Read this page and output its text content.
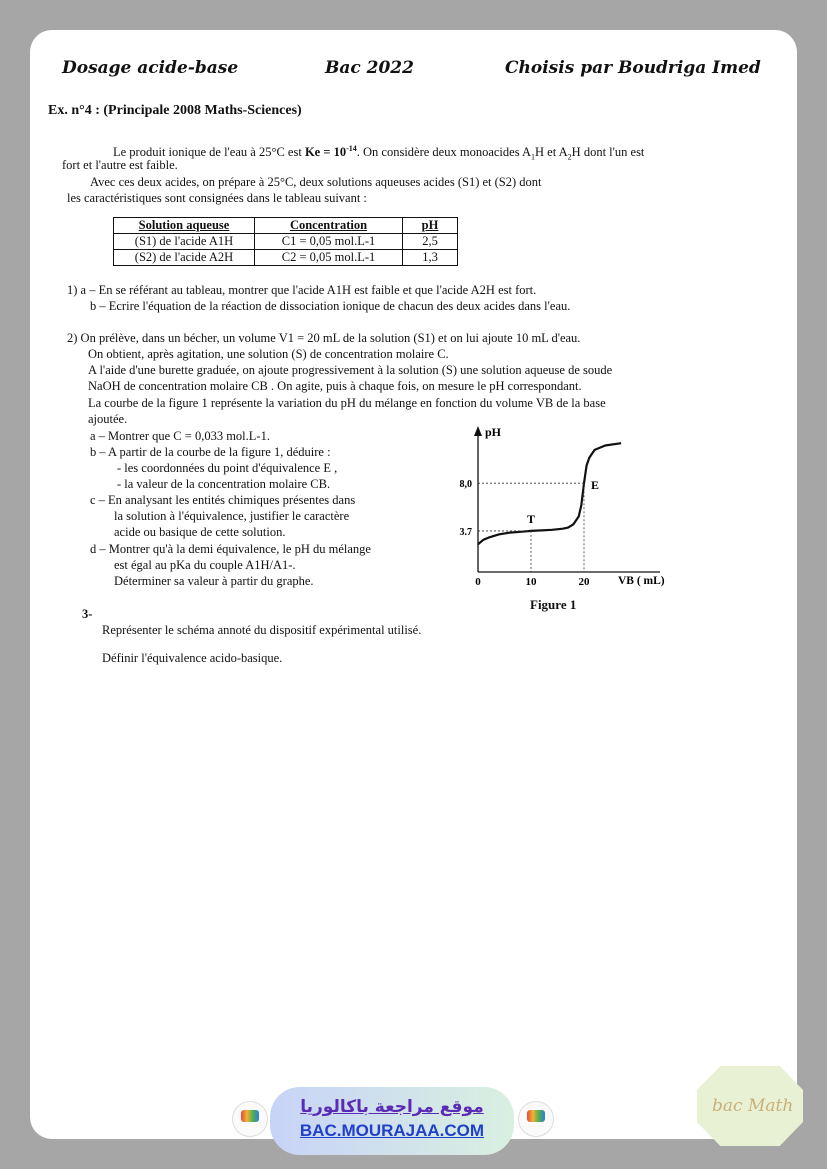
Dosage acide-base	Bac 2022	Choisis par Boudriga Imed
Ex. n°4 : (Principale 2008 Maths-Sciences)
Le produit ionique de l'eau à 25°C est $Ke = 10^{-14}$. On considère deux monoacides $A_1H$ et $A_2H$ dont l'un est
fort et l'autre est faible.
Avec ces deux acides, on prépare à 25°C, deux solutions aqueuses acides (S1) et (S2) dont
les caractéristiques sont consignées dans le tableau suivant :
Solution aqueuse	Concentration	pH
(S1) de l'acide A1H	C1 = 0,05 mol.L-1	2,5
(S2) de l'acide A2H	C2 = 0,05 mol.L-1	1,3
1) a – En se référant au tableau, montrer que l'acide A1H est faible et que l'acide A2H est fort.
b – Ecrire l'équation de la réaction de dissociation ionique de chacun des deux acides dans l'eau.
2) On prélève, dans un bécher, un volume V1 = 20 mL de la solution (S1) et on lui ajoute 10 mL d'eau.
On obtient, après agitation, une solution (S) de concentration molaire C.
A l'aide d'une burette graduée, on ajoute progressivement à la solution (S) une solution aqueuse de soude
NaOH de concentration molaire CB . On agite, puis à chaque fois, on mesure le pH correspondant.
La courbe de la figure 1 représente la variation du pH du mélange en fonction du volume VB de la base
ajoutée.
a – Montrer que C = 0,033 mol.L-1.
b – A partir de la courbe de la figure 1, déduire :
- les coordonnées du point d'équivalence E ,
- la valeur de la concentration molaire CB.
c – En analysant les entités chimiques présentes dans
la solution à l'équivalence, justifier le caractère
acide ou basique de cette solution.
d – Montrer qu'à la demi équivalence, le pH du mélange
est égal au pKa du couple A1H/A1-.
Déterminer sa valeur à partir du graphe.
T
E
pH
VB ( mL)
3.7
8,0
0	10	20
Figure 1
3-
Représenter le schéma annoté du dispositif expérimental utilisé.
Définir l'équivalence acido-basique.
موقع مراجعة باكالوريا
BAC.MOURAJAA.COM
bac Math
